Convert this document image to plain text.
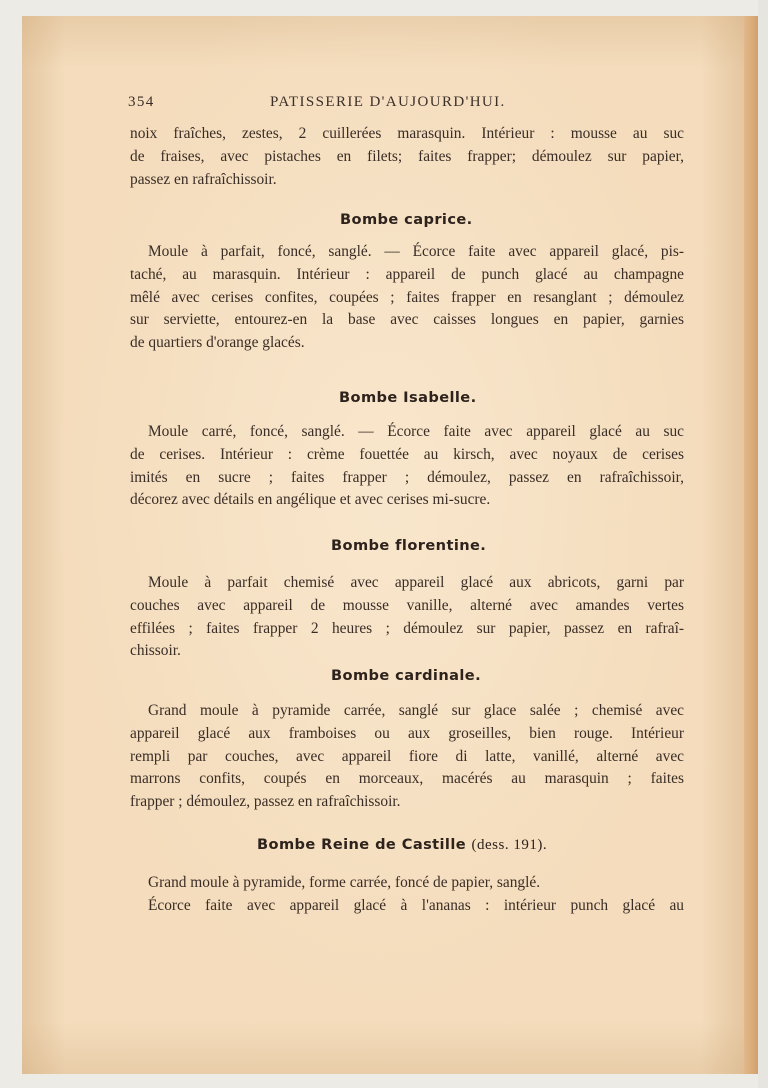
354	PATISSERIE D'AUJOURD'HUI.
noix fraîches, zestes, 2 cuillerées marasquin. Intérieur : mousse au suc
de fraises, avec pistaches en filets; faites frapper; démoulez sur papier,
passez en rafraîchissoir.
Bombe caprice.
Moule à parfait, foncé, sanglé. — Écorce faite avec appareil glacé, pis-
taché, au marasquin. Intérieur : appareil de punch glacé au champagne
mêlé avec cerises confites, coupées ; faites frapper en resanglant ; démoulez
sur serviette, entourez-en la base avec caisses longues en papier, garnies
de quartiers d'orange glacés.
Bombe Isabelle.
Moule carré, foncé, sanglé. — Écorce faite avec appareil glacé au suc
de cerises. Intérieur : crème fouettée au kirsch, avec noyaux de cerises
imités en sucre ; faites frapper ; démoulez, passez en rafraîchissoir,
décorez avec détails en angélique et avec cerises mi-sucre.
Bombe florentine.
Moule à parfait chemisé avec appareil glacé aux abricots, garni par
couches avec appareil de mousse vanille, alterné avec amandes vertes
effilées ; faites frapper 2 heures ; démoulez sur papier, passez en rafraî-
chissoir.
Bombe cardinale.
Grand moule à pyramide carrée, sanglé sur glace salée ; chemisé avec
appareil glacé aux framboises ou aux groseilles, bien rouge. Intérieur
rempli par couches, avec appareil fiore di latte, vanillé, alterné avec
marrons confits, coupés en morceaux, macérés au marasquin ; faites
frapper ; démoulez, passez en rafraîchissoir.
Bombe Reine de Castille (dess. 191).
Grand moule à pyramide, forme carrée, foncé de papier, sanglé.
Écorce faite avec appareil glacé à l'ananas : intérieur punch glacé au
